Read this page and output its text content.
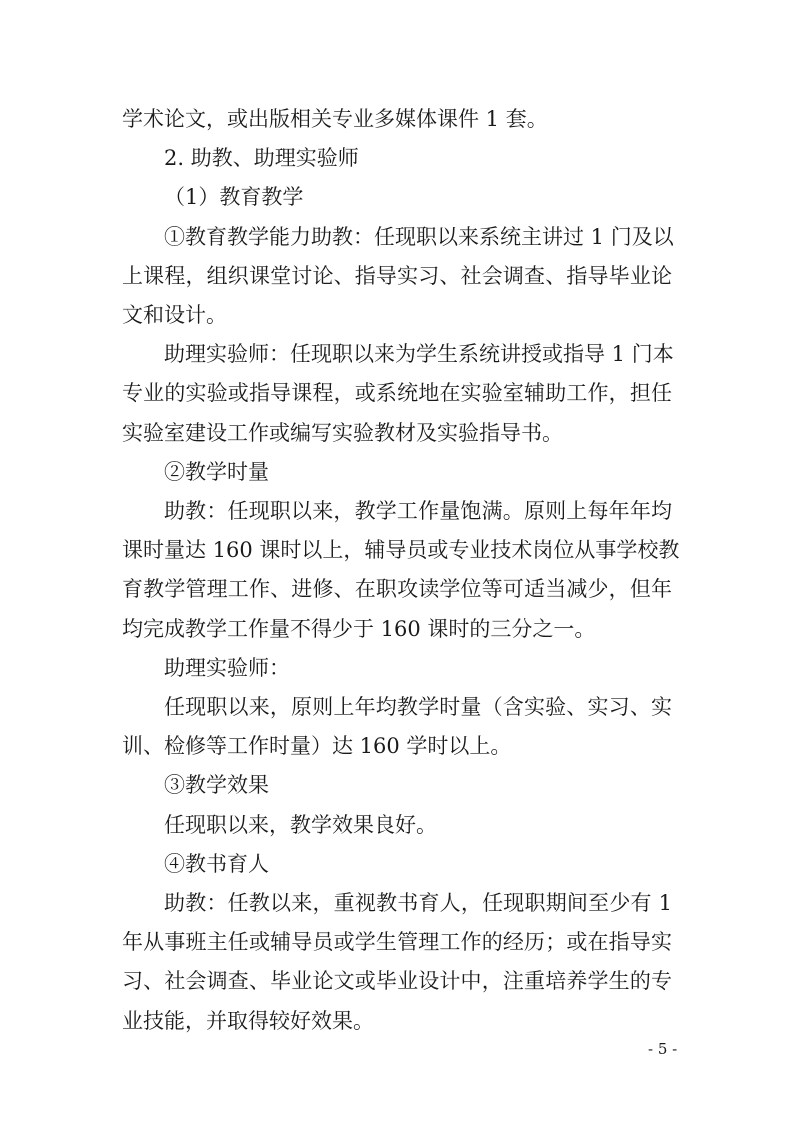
学术论文，或出版相关专业多媒体课件 1 套。
2. 助教、助理实验师
（1）教育教学
①教育教学能力助教：任现职以来系统主讲过 1 门及以
上课程，组织课堂讨论、指导实习、社会调查、指导毕业论
文和设计。
助理实验师：任现职以来为学生系统讲授或指导 1 门本
专业的实验或指导课程，或系统地在实验室辅助工作，担任
实验室建设工作或编写实验教材及实验指导书。
②教学时量
助教：任现职以来，教学工作量饱满。原则上每年年均
课时量达 160 课时以上，辅导员或专业技术岗位从事学校教
育教学管理工作、进修、在职攻读学位等可适当减少，但年
均完成教学工作量不得少于 160 课时的三分之一。
助理实验师：
任现职以来，原则上年均教学时量（含实验、实习、实
训、检修等工作时量）达 160 学时以上。
③教学效果
任现职以来，教学效果良好。
④教书育人
助教：任教以来，重视教书育人，任现职期间至少有 1
年从事班主任或辅导员或学生管理工作的经历；或在指导实
- 5 -
习、社会调查、毕业论文或毕业设计中，注重培养学生的专
业技能，并取得较好效果。
